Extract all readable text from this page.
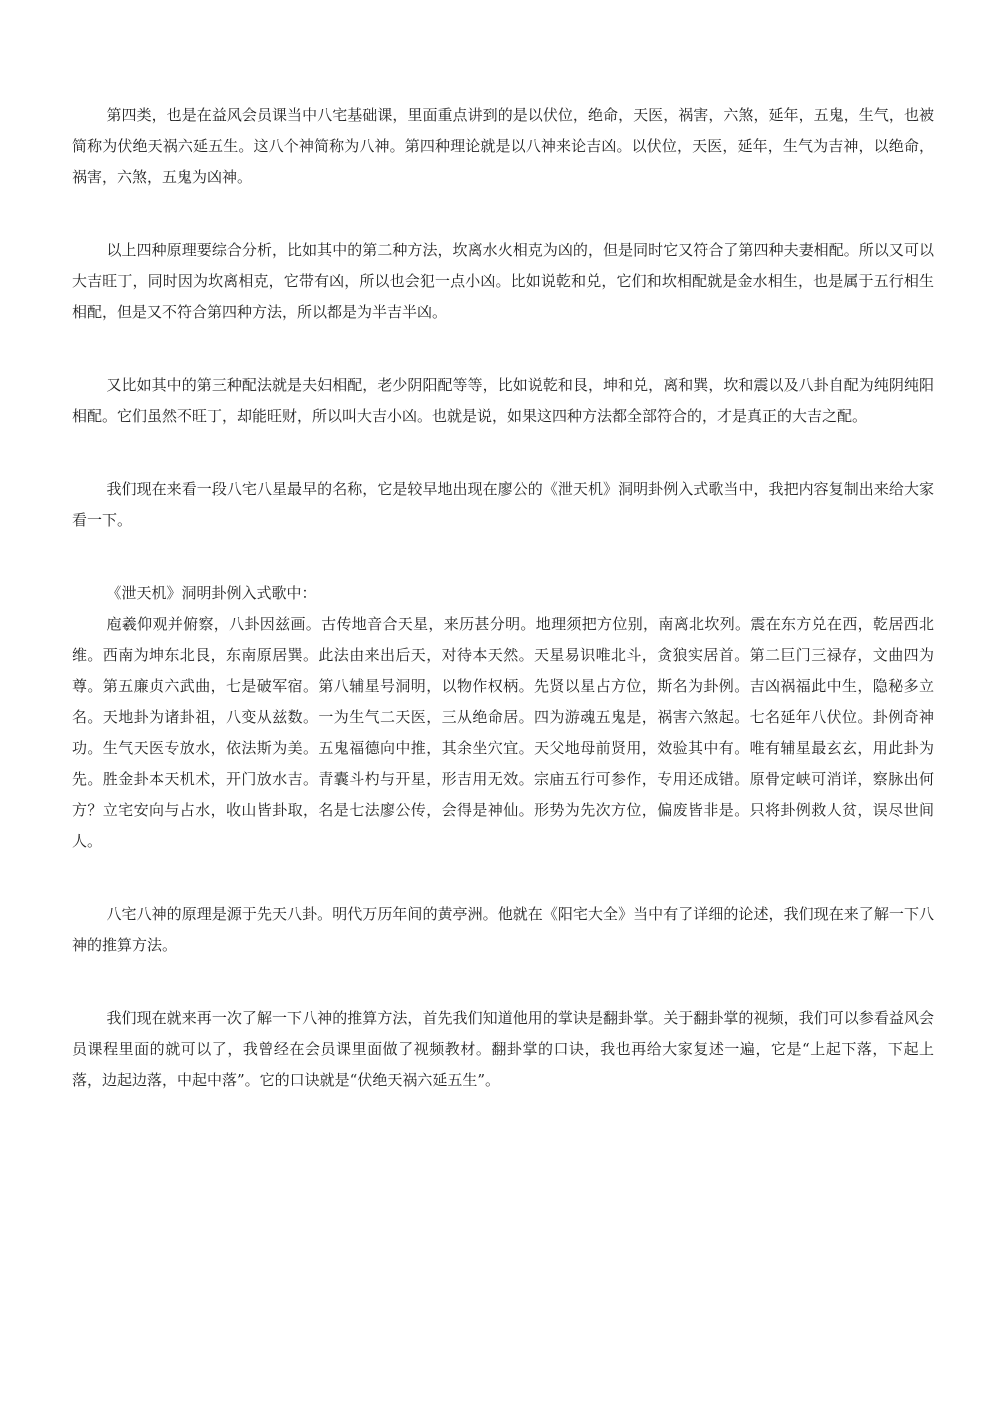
第四类，也是在益风会员课当中八宅基础课，里面重点讲到的是以伏位，绝命，天医，祸害，六煞，延年，五鬼，生气，也被简称为伏绝天祸六延五生。这八个神简称为八神。第四种理论就是以八神来论吉凶。以伏位，天医，延年，生气为吉神，以绝命，祸害，六煞，五鬼为凶神。

以上四种原理要综合分析，比如其中的第二种方法，坎离水火相克为凶的，但是同时它又符合了第四种夫妻相配。所以又可以大吉旺丁，同时因为坎离相克，它带有凶，所以也会犯一点小凶。比如说乾和兑，它们和坎相配就是金水相生，也是属于五行相生相配，但是又不符合第四种方法，所以都是为半吉半凶。

又比如其中的第三种配法就是夫妇相配，老少阴阳配等等，比如说乾和艮，坤和兑，离和巽，坎和震以及八卦自配为纯阴纯阳相配。它们虽然不旺丁，却能旺财，所以叫大吉小凶。也就是说，如果这四种方法都全部符合的，才是真正的大吉之配。

我们现在来看一段八宅八星最早的名称，它是较早地出现在廖公的《泄天机》洞明卦例入式歌当中，我把内容复制出来给大家看一下。

《泄天机》洞明卦例入式歌中：

庖羲仰观并俯察，八卦因兹画。古传地音合天星，来历甚分明。地理须把方位别，南离北坎列。震在东方兑在西，乾居西北维。西南为坤东北艮，东南原居巽。此法由来出后天，对待本天然。天星易识唯北斗，贪狼实居首。第二巨门三禄存，文曲四为尊。第五廉贞六武曲，七是破军宿。第八辅星号洞明，以物作权柄。先贤以星占方位，斯名为卦例。吉凶祸福此中生，隐秘多立名。天地卦为诸卦祖，八变从兹数。一为生气二天医，三从绝命居。四为游魂五鬼是，祸害六煞起。七名延年八伏位。卦例奇神功。生气天医专放水，依法斯为美。五鬼福德向中推，其余坐穴宜。天父地母前贤用，效验其中有。唯有辅星最玄玄，用此卦为先。胜金卦本天机术，开门放水吉。青囊斗杓与开星，形吉用无效。宗庙五行可参作，专用还成错。原骨定峡可消详，察脉出何方？立宅安向与占水，收山皆卦取，名是七法廖公传，会得是神仙。形势为先次方位，偏废皆非是。只将卦例救人贫，误尽世间人。

八宅八神的原理是源于先天八卦。明代万历年间的黄亭洲。他就在《阳宅大全》当中有了详细的论述，我们现在来了解一下八神的推算方法。

我们现在就来再一次了解一下八神的推算方法，首先我们知道他用的掌诀是翻卦掌。关于翻卦掌的视频，我们可以参看益风会员课程里面的就可以了，我曾经在会员课里面做了视频教材。翻卦掌的口诀，我也再给大家复述一遍，它是“上起下落，下起上落，边起边落，中起中落”。它的口诀就是“伏绝天祸六延五生”。
